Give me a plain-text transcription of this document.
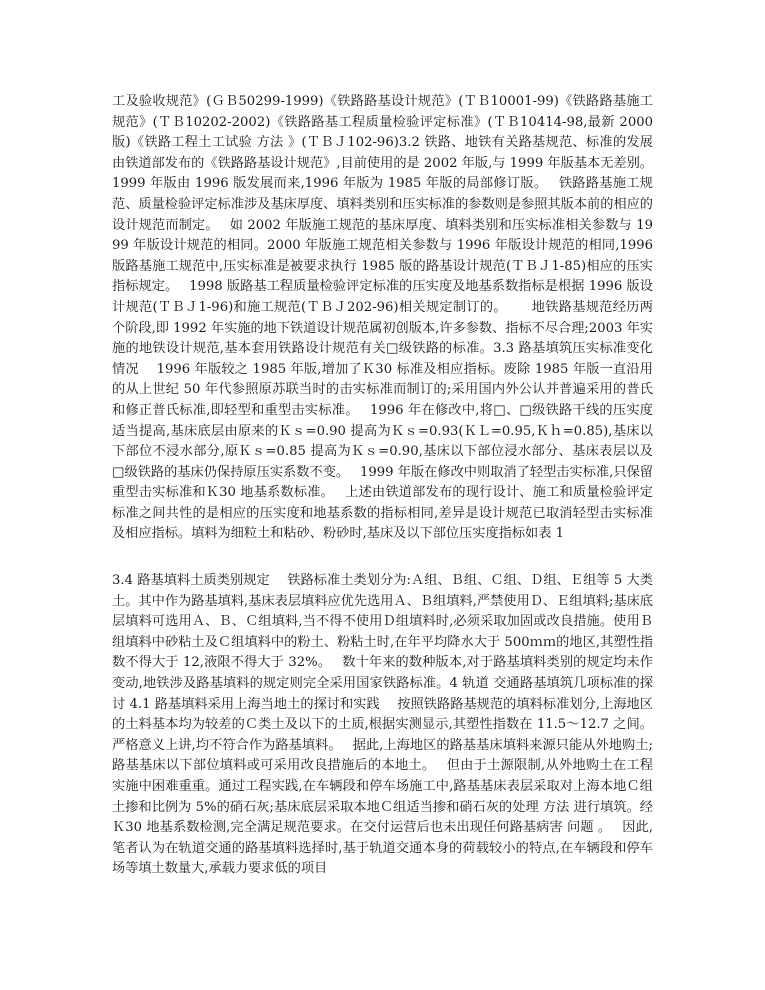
工及验收规范》(ＧＢ50299-1999)《铁路路基设计规范》(ＴＢ10001-99)《铁路路基施工规范》(ＴＢ10202-2002)《铁路路基工程质量检验评定标准》(ＴＢ10414-98,最新 2000 版)《铁路工程土工试验 方法 》(ＴＢＪ102-96)3.2 铁路、地铁有关路基规范、标准的发展　 由铁道部发布的《铁路路基设计规范》,目前使用的是 2002 年版,与 1999 年版基本无差别。1999 年版由 1996 版发展而来,1996 年版为 1985 年版的局部修订版。　 铁路路基施工规范、质量检验评定标准涉及基床厚度、填料类别和压实标准的参数则是参照其版本前的相应的设计规范而制定。　 如 2002 年版施工规范的基床厚度、填料类别和压实标准相关参数与 1999 年版设计规范的相同。2000 年版施工规范相关参数与 1996 年版设计规范的相同,1996 版路基施工规范中,压实标准是被要求执行 1985 版的路基设计规范(ＴＢＪ1-85)相应的压实指标规定。　 1998 版路基工程质量检验评定标准的压实度及地基系数指标是根据 1996 版设计规范(ＴＢＪ1-96)和施工规范(ＴＢＪ202-96)相关规定制订的。　　 地铁路基规范经历两个阶段,即 1992 年实施的地下铁道设计规范属初创版本,许多参数、指标不尽合理;2003 年实施的地铁设计规范,基本套用铁路设计规范有关□级铁路的标准。3.3 路基填筑压实标准变化情况　 1996 年版较之 1985 年版,增加了Ｋ30 标准及相应指标。废除 1985 年版一直沿用的从上世纪 50 年代参照原苏联当时的击实标准而制订的;采用国内外公认并普遍采用的普氏和修正普氏标准,即轻型和重型击实标准。　 1996 年在修改中,将□、□级铁路干线的压实度适当提高,基床底层由原来的Ｋｓ=0.90 提高为Ｋｓ=0.93(ＫＬ=0.95,Ｋｈ=0.85),基床以下部位不浸水部分,原Ｋｓ=0.85 提高为Ｋｓ=0.90,基床以下部位浸水部分、基床表层以及□级铁路的基床仍保持原压实系数不变。　 1999 年版在修改中则取消了轻型击实标准,只保留重型击实标准和Ｋ30 地基系数标准。　 上述由铁道部发布的现行设计、施工和质量检验评定标准之间共性的是相应的压实度和地基系数的指标相同,差异是设计规范已取消轻型击实标准及相应指标。填料为细粒土和粘砂、粉砂时,基床及以下部位压实度指标如表 1

3.4 路基填料土质类别规定　 铁路标准土类划分为:Ａ组、Ｂ组、Ｃ组、Ｄ组、Ｅ组等 5 大类土。其中作为路基填料,基床表层填料应优先选用Ａ、Ｂ组填料,严禁使用Ｄ、Ｅ组填料;基床底层填料可选用Ａ、Ｂ、Ｃ组填料,当不得不使用Ｄ组填料时,必须采取加固或改良措施。使用Ｂ组填料中砂粘土及Ｃ组填料中的粉土、粉粘土时,在年平均降水大于 500ｍｍ的地区,其塑性指数不得大于 12,液限不得大于 32%。　 数十年来的数种版本,对于路基填料类别的规定均未作变动,地铁涉及路基填料的规定则完全采用国家铁路标准。4 轨道 交通路基填筑几项标准的探讨 4.1 路基填料采用上海当地土的探讨和实践　 按照铁路路基规范的填料标准划分,上海地区的土料基本均为较差的Ｃ类土及以下的土质,根据实测显示,其塑性指数在 11.5～12.7 之间。严格意义上讲,均不符合作为路基填料。　 据此,上海地区的路基基床填料来源只能从外地购土;路基基床以下部位填料或可采用改良措施后的本地土。　 但由于土源限制,从外地购土在工程实施中困难重重。通过工程实践,在车辆段和停车场施工中,路基基床表层采取对上海本地Ｃ组土掺和比例为 5%的硝石灰;基床底层采取本地Ｃ组适当掺和硝石灰的处理 方法 进行填筑。经Ｋ30 地基系数检测,完全满足规范要求。在交付运营后也未出现任何路基病害 问题 。　 因此,笔者认为在轨道交通的路基填料选择时,基于轨道交通本身的荷载较小的特点,在车辆段和停车场等填土数量大,承载力要求低的项目
